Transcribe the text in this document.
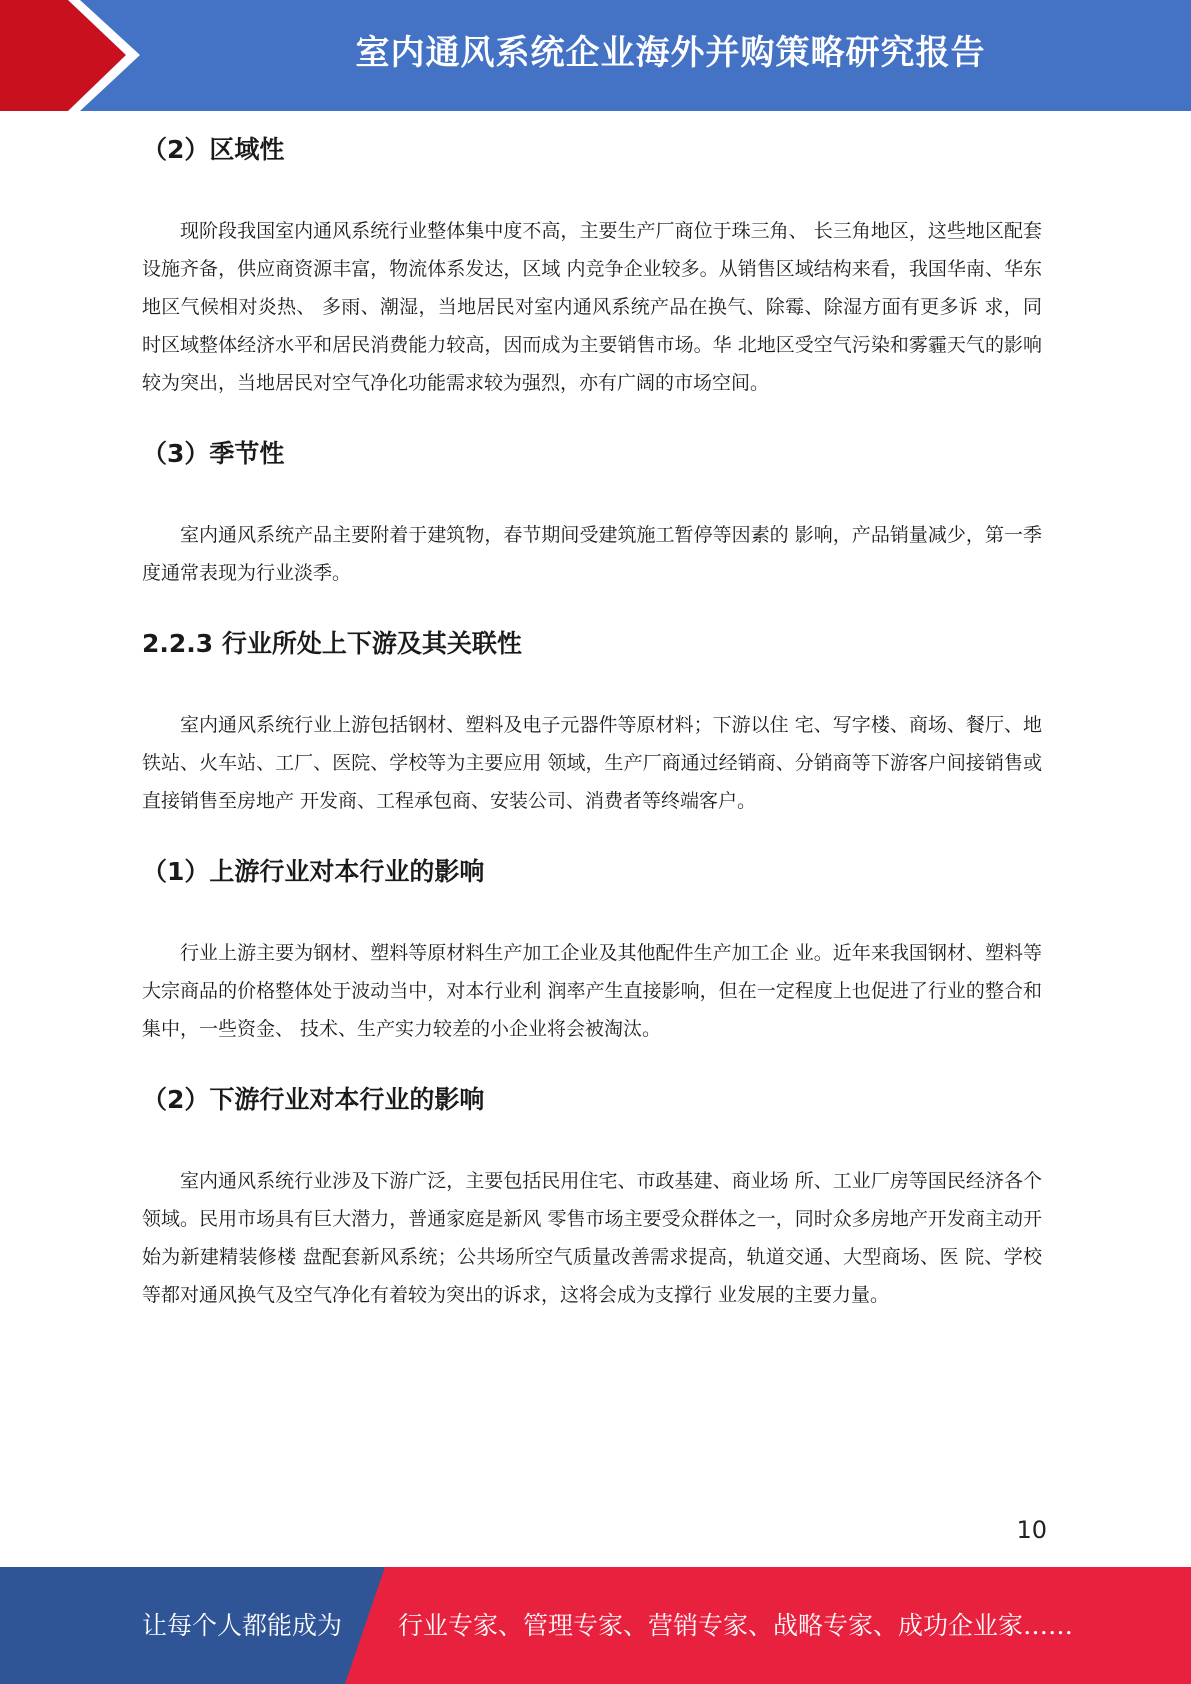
室内通风系统企业海外并购策略研究报告
（2）区域性

现阶段我国室内通风系统行业整体集中度不高，主要生产厂商位于珠三角、 长三角地区，这些地区配套设施齐备，供应商资源丰富，物流体系发达，区域 内竞争企业较多。从销售区域结构来看，我国华南、华东地区气候相对炎热、 多雨、潮湿，当地居民对室内通风系统产品在换气、除霉、除湿方面有更多诉 求，同时区域整体经济水平和居民消费能力较高，因而成为主要销售市场。华 北地区受空气污染和雾霾天气的影响较为突出，当地居民对空气净化功能需求较为强烈，亦有广阔的市场空间。

（3）季节性

室内通风系统产品主要附着于建筑物，春节期间受建筑施工暂停等因素的 影响，产品销量减少，第一季度通常表现为行业淡季。

2.2.3 行业所处上下游及其关联性

室内通风系统行业上游包括钢材、塑料及电子元器件等原材料；下游以住 宅、写字楼、商场、餐厅、地铁站、火车站、工厂、医院、学校等为主要应用 领域，生产厂商通过经销商、分销商等下游客户间接销售或直接销售至房地产 开发商、工程承包商、安装公司、消费者等终端客户。

（1）上游行业对本行业的影响

行业上游主要为钢材、塑料等原材料生产加工企业及其他配件生产加工企 业。近年来我国钢材、塑料等大宗商品的价格整体处于波动当中，对本行业利 润率产生直接影响，但在一定程度上也促进了行业的整合和集中，一些资金、 技术、生产实力较差的小企业将会被淘汰。

（2）下游行业对本行业的影响

室内通风系统行业涉及下游广泛，主要包括民用住宅、市政基建、商业场 所、工业厂房等国民经济各个领域。民用市场具有巨大潜力，普通家庭是新风 零售市场主要受众群体之一，同时众多房地产开发商主动开始为新建精装修楼 盘配套新风系统；公共场所空气质量改善需求提高，轨道交通、大型商场、医 院、学校等都对通风换气及空气净化有着较为突出的诉求，这将会成为支撑行 业发展的主要力量。

10
让每个人都能成为 行业专家、管理专家、营销专家、战略专家、成功企业家……
